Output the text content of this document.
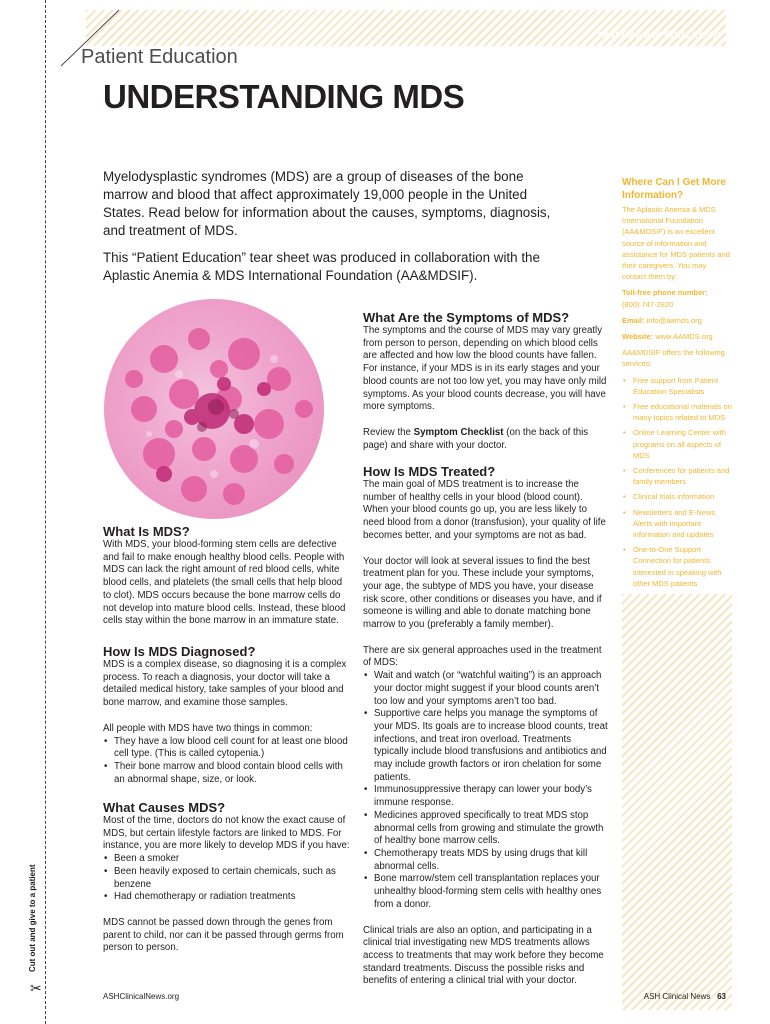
Cut out and give to a patient
✂
TRAINING and EDUCATION
Patient Education
UNDERSTANDING MDS
Myelodysplastic syndromes (MDS) are a group of diseases of the bone marrow and blood that affect approximately 19,000 people in the United States. Read below for information about the causes, symptoms, diagnosis, and treatment of MDS.
This “Patient Education” tear sheet was produced in collaboration with the Aplastic Anemia & MDS International Foundation (AA&MDSIF).
What Is MDS?
With MDS, your blood-forming stem cells are defective and fail to make enough healthy blood cells. People with MDS can lack the right amount of red blood cells, white blood cells, and platelets (the small cells that help blood to clot). MDS occurs because the bone marrow cells do not develop into mature blood cells. Instead, these blood cells stay within the bone marrow in an immature state.
How Is MDS Diagnosed?

MDS is a complex disease, so diagnosing it is a complex process. To reach a diagnosis, your doctor will take a detailed medical history, take samples of your blood and bone marrow, and examine those samples.

All people with MDS have two things in common:

• They have a low blood cell count for at least one blood cell type. (This is called cytopenia.)
• Their bone marrow and blood contain blood cells with an abnormal shape, size, or look.
What Causes MDS?

Most of the time, doctors do not know the exact cause of MDS, but certain lifestyle factors are linked to MDS. For instance, you are more likely to develop MDS if you have:

• Been a smoker
• Been heavily exposed to certain chemicals, such as benzene
• Had chemotherapy or radiation treatments

MDS cannot be passed down through the genes from parent to child, nor can it be passed through germs from person to person.

What Are the Symptoms of MDS?

The symptoms and the course of MDS may vary greatly from person to person, depending on which blood cells are affected and how low the blood counts have fallen. For instance, if your MDS is in its early stages and your blood counts are not too low yet, you may have only mild symptoms. As your blood counts decrease, you will have more symptoms.

Review the Symptom Checklist (on the back of this page) and share with your doctor.

How Is MDS Treated?

The main goal of MDS treatment is to increase the number of healthy cells in your blood (blood count). When your blood counts go up, you are less likely to need blood from a donor (transfusion), your quality of life becomes better, and your symptoms are not as bad.

Your doctor will look at several issues to find the best treatment plan for you. These include your symptoms, your age, the subtype of MDS you have, your disease risk score, other conditions or diseases you have, and if someone is willing and able to donate matching bone marrow to you (preferably a family member).

There are six general approaches used in the treatment of MDS:

• Wait and watch (or “watchful waiting”) is an approach your doctor might suggest if your blood counts aren’t too low and your symptoms aren’t too bad.
• Supportive care helps you manage the symptoms of your MDS. Its goals are to increase blood counts, treat infections, and treat iron overload. Treatments typically include blood transfusions and antibiotics and may include growth factors or iron chelation for some patients.
• Immunosuppressive therapy can lower your body’s immune response.
• Medicines approved specifically to treat MDS stop abnormal cells from growing and stimulate the growth of healthy bone marrow cells.
• Chemotherapy treats MDS by using drugs that kill abnormal cells.
• Bone marrow/stem cell transplantation replaces your unhealthy blood-forming stem cells with healthy ones from a donor.

Clinical trials are also an option, and participating in a clinical trial investigating new MDS treatments allows access to treatments that may work before they become standard treatments. Discuss the possible risks and benefits of entering a clinical trial with your doctor.

Where Can I Get More Information?

The Aplastic Anemia & MDS International Foundation (AA&MDSIF) is an excellent source of information and assistance for MDS patients and their caregivers. You may contact them by:

Toll-free phone number:
(800) 747-2820

Email: info@aamds.org

Website: www.AAMDS.org

AA&MDSIF offers the following services:

• Free support from Patient Education Specialists
• Free educational materials on many topics related to MDS
• Online Learning Center with programs on all aspects of MDS
• Conferences for patients and family members
• Clinical trials information
• Newsletters and E-News Alerts with important information and updates
• One-to-One Support Connection for patients interested in speaking with other MDS patients
ASHClinicalNews.org	ASH Clinical News 63
